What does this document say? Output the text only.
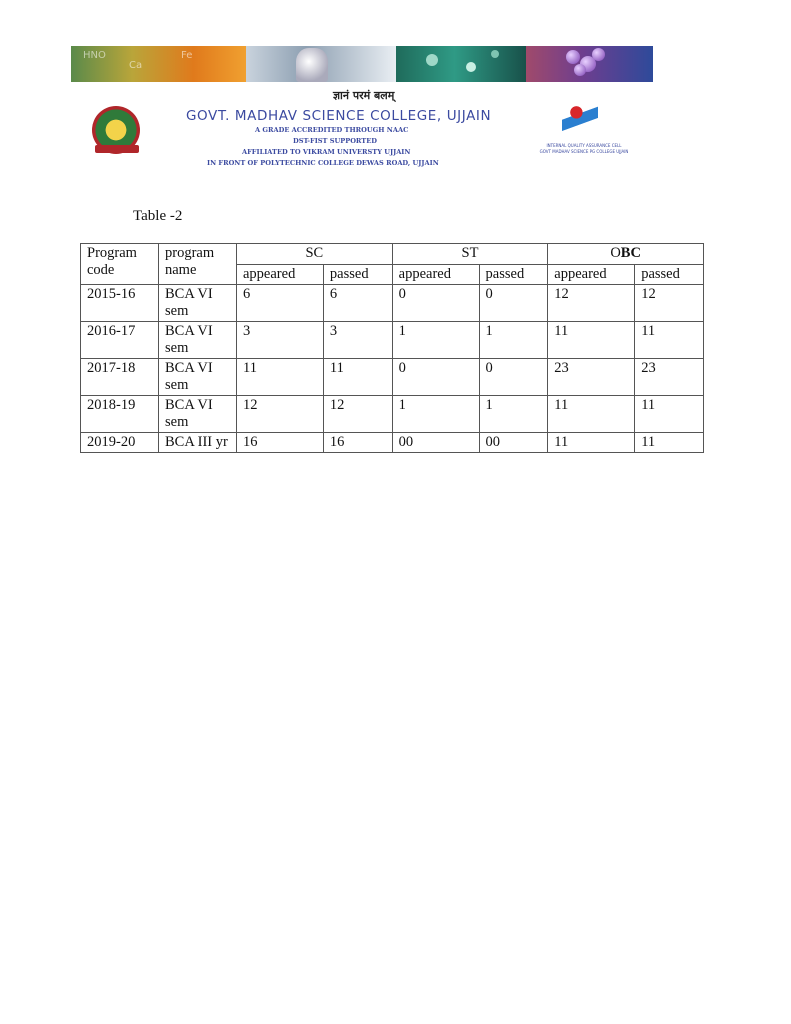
HNO
Ca
Fe
ज्ञानं परमं बलम्
GOVT. MADHAV SCIENCE COLLEGE, UJJAIN
A GRADE ACCREDITED THROUGH NAAC
DST-FIST SUPPORTED
AFFILIATED TO VIKRAM UNIVERSTY UJJAIN
IN FRONT OF POLYTECHNIC COLLEGE DEWAS ROAD, UJJAIN
INTERNAL QUALITY ASSURANCE CELL
GOVT MADHAV SCIENCE PG COLLEGE UJJAIN
Table -2
Program code	program name	SC		ST		OBC	
		appeared	passed	appeared	passed	appeared	passed
2015-16	BCA VI sem	6	6	0	0	12	12
2016-17	BCA VI sem	3	3	1	1	11	11
2017-18	BCA VI sem	11	11	0	0	23	23
2018-19	BCA VI sem	12	12	1	1	11	11
2019-20	BCA III yr	16	16	00	00	11	11
